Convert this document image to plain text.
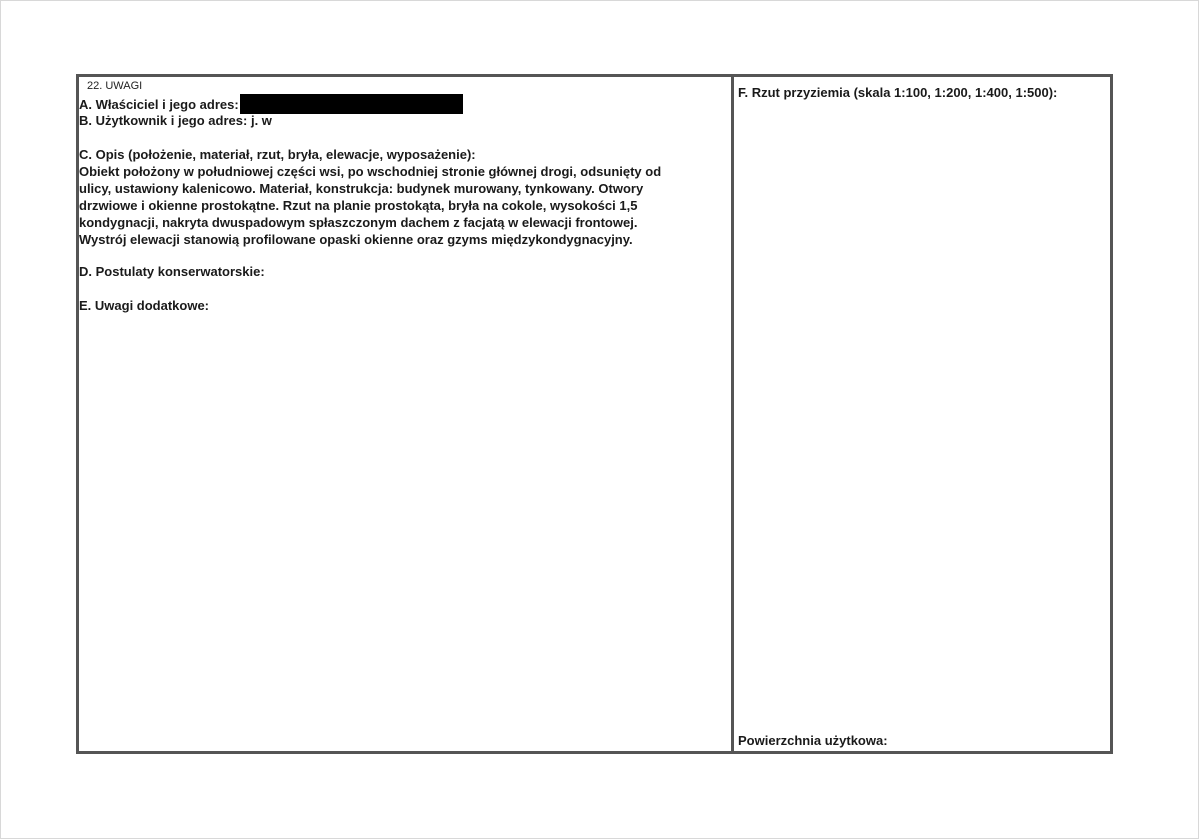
22. UWAGI
A. Właściciel i jego adres:
B. Użytkownik i jego adres: j. w
C. Opis (położenie, materiał, rzut, bryła, elewacje, wyposażenie):
Obiekt położony w południowej części wsi, po wschodniej stronie głównej drogi, odsunięty od
ulicy, ustawiony kalenicowo. Materiał, konstrukcja: budynek murowany, tynkowany. Otwory
drzwiowe i okienne prostokątne. Rzut na planie prostokąta, bryła na cokole, wysokości 1,5
kondygnacji, nakryta dwuspadowym spłaszczonym dachem z facjatą w elewacji frontowej.
Wystrój elewacji stanowią profilowane opaski okienne oraz gzyms międzykondygnacyjny.
D. Postulaty konserwatorskie:
E. Uwagi dodatkowe:
F. Rzut przyziemia (skala 1:100, 1:200, 1:400, 1:500):
Powierzchnia użytkowa:
